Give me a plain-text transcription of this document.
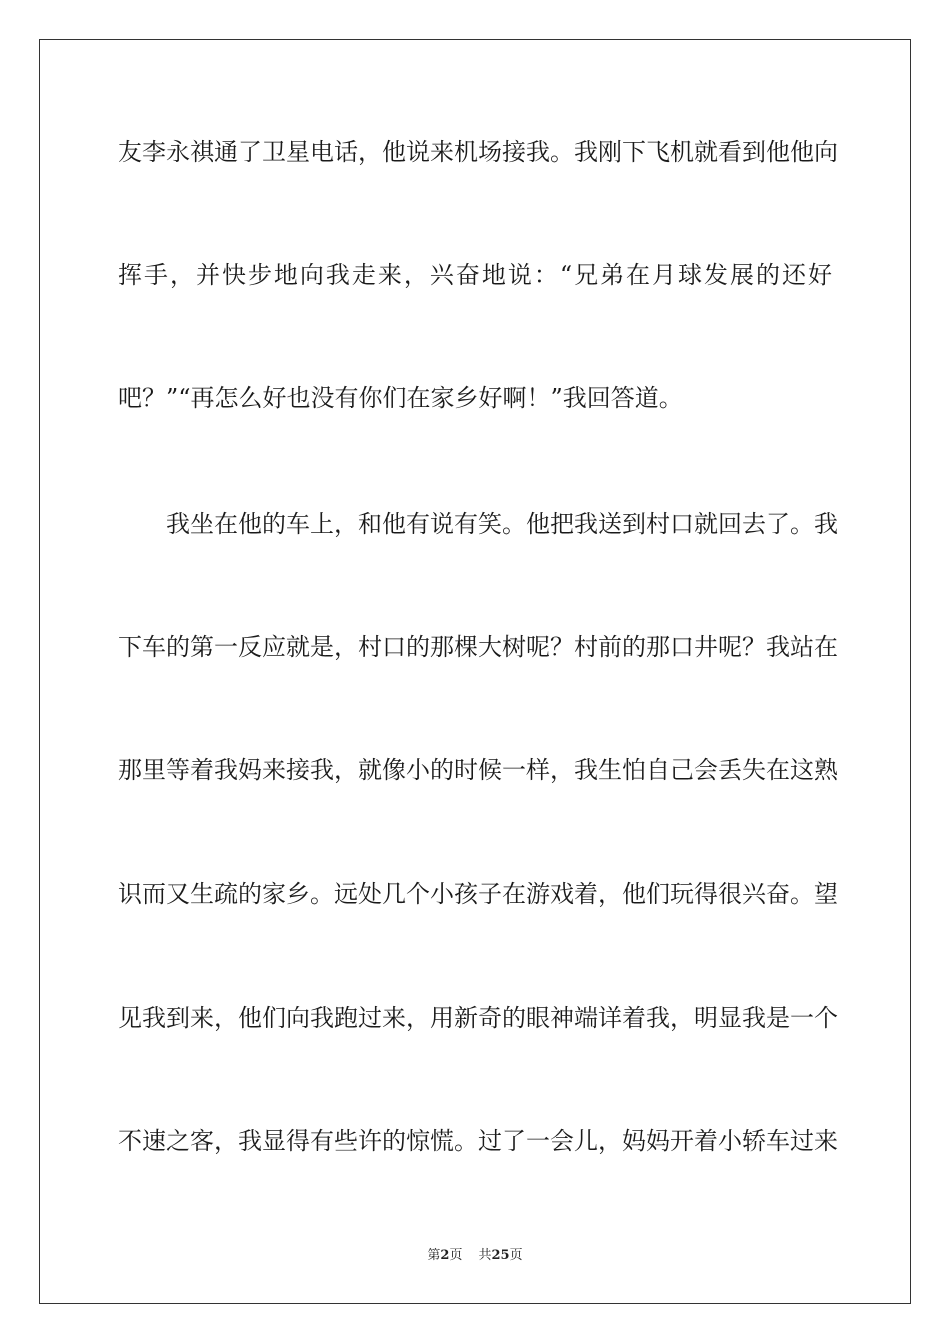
友李永祺通了卫星电话，他说来机场接我。我刚下飞机就看到他他向
挥手，并快步地向我走来，兴奋地说：“兄弟在月球发展的还好
吧？”“再怎么好也没有你们在家乡好啊！”我回答道。
我坐在他的车上，和他有说有笑。他把我送到村口就回去了。我
下车的第一反应就是，村口的那棵大树呢？村前的那口井呢？我站在
那里等着我妈来接我，就像小的时候一样，我生怕自己会丢失在这熟
识而又生疏的家乡。远处几个小孩子在游戏着，他们玩得很兴奋。望
见我到来，他们向我跑过来，用新奇的眼神端详着我，明显我是一个
不速之客，我显得有些许的惊慌。过了一会儿，妈妈开着小轿车过来
第2页 共25页
